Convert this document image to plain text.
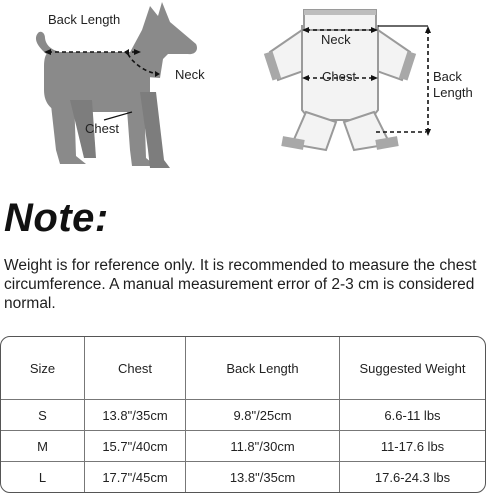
Back Length
Neck
Chest
Neck
Chest	Back
Length
Note:
Weight is for reference only. It is recommended to measure the chest circumference. A manual measurement error of 2-3 cm is considered normal.
Size	Chest	Back Length	Suggested Weight
S	13.8"/35cm	9.8"/25cm	6.6-11 lbs
M	15.7"/40cm	11.8"/30cm	11-17.6 lbs
L	17.7"/45cm	13.8"/35cm	17.6-24.3 lbs
